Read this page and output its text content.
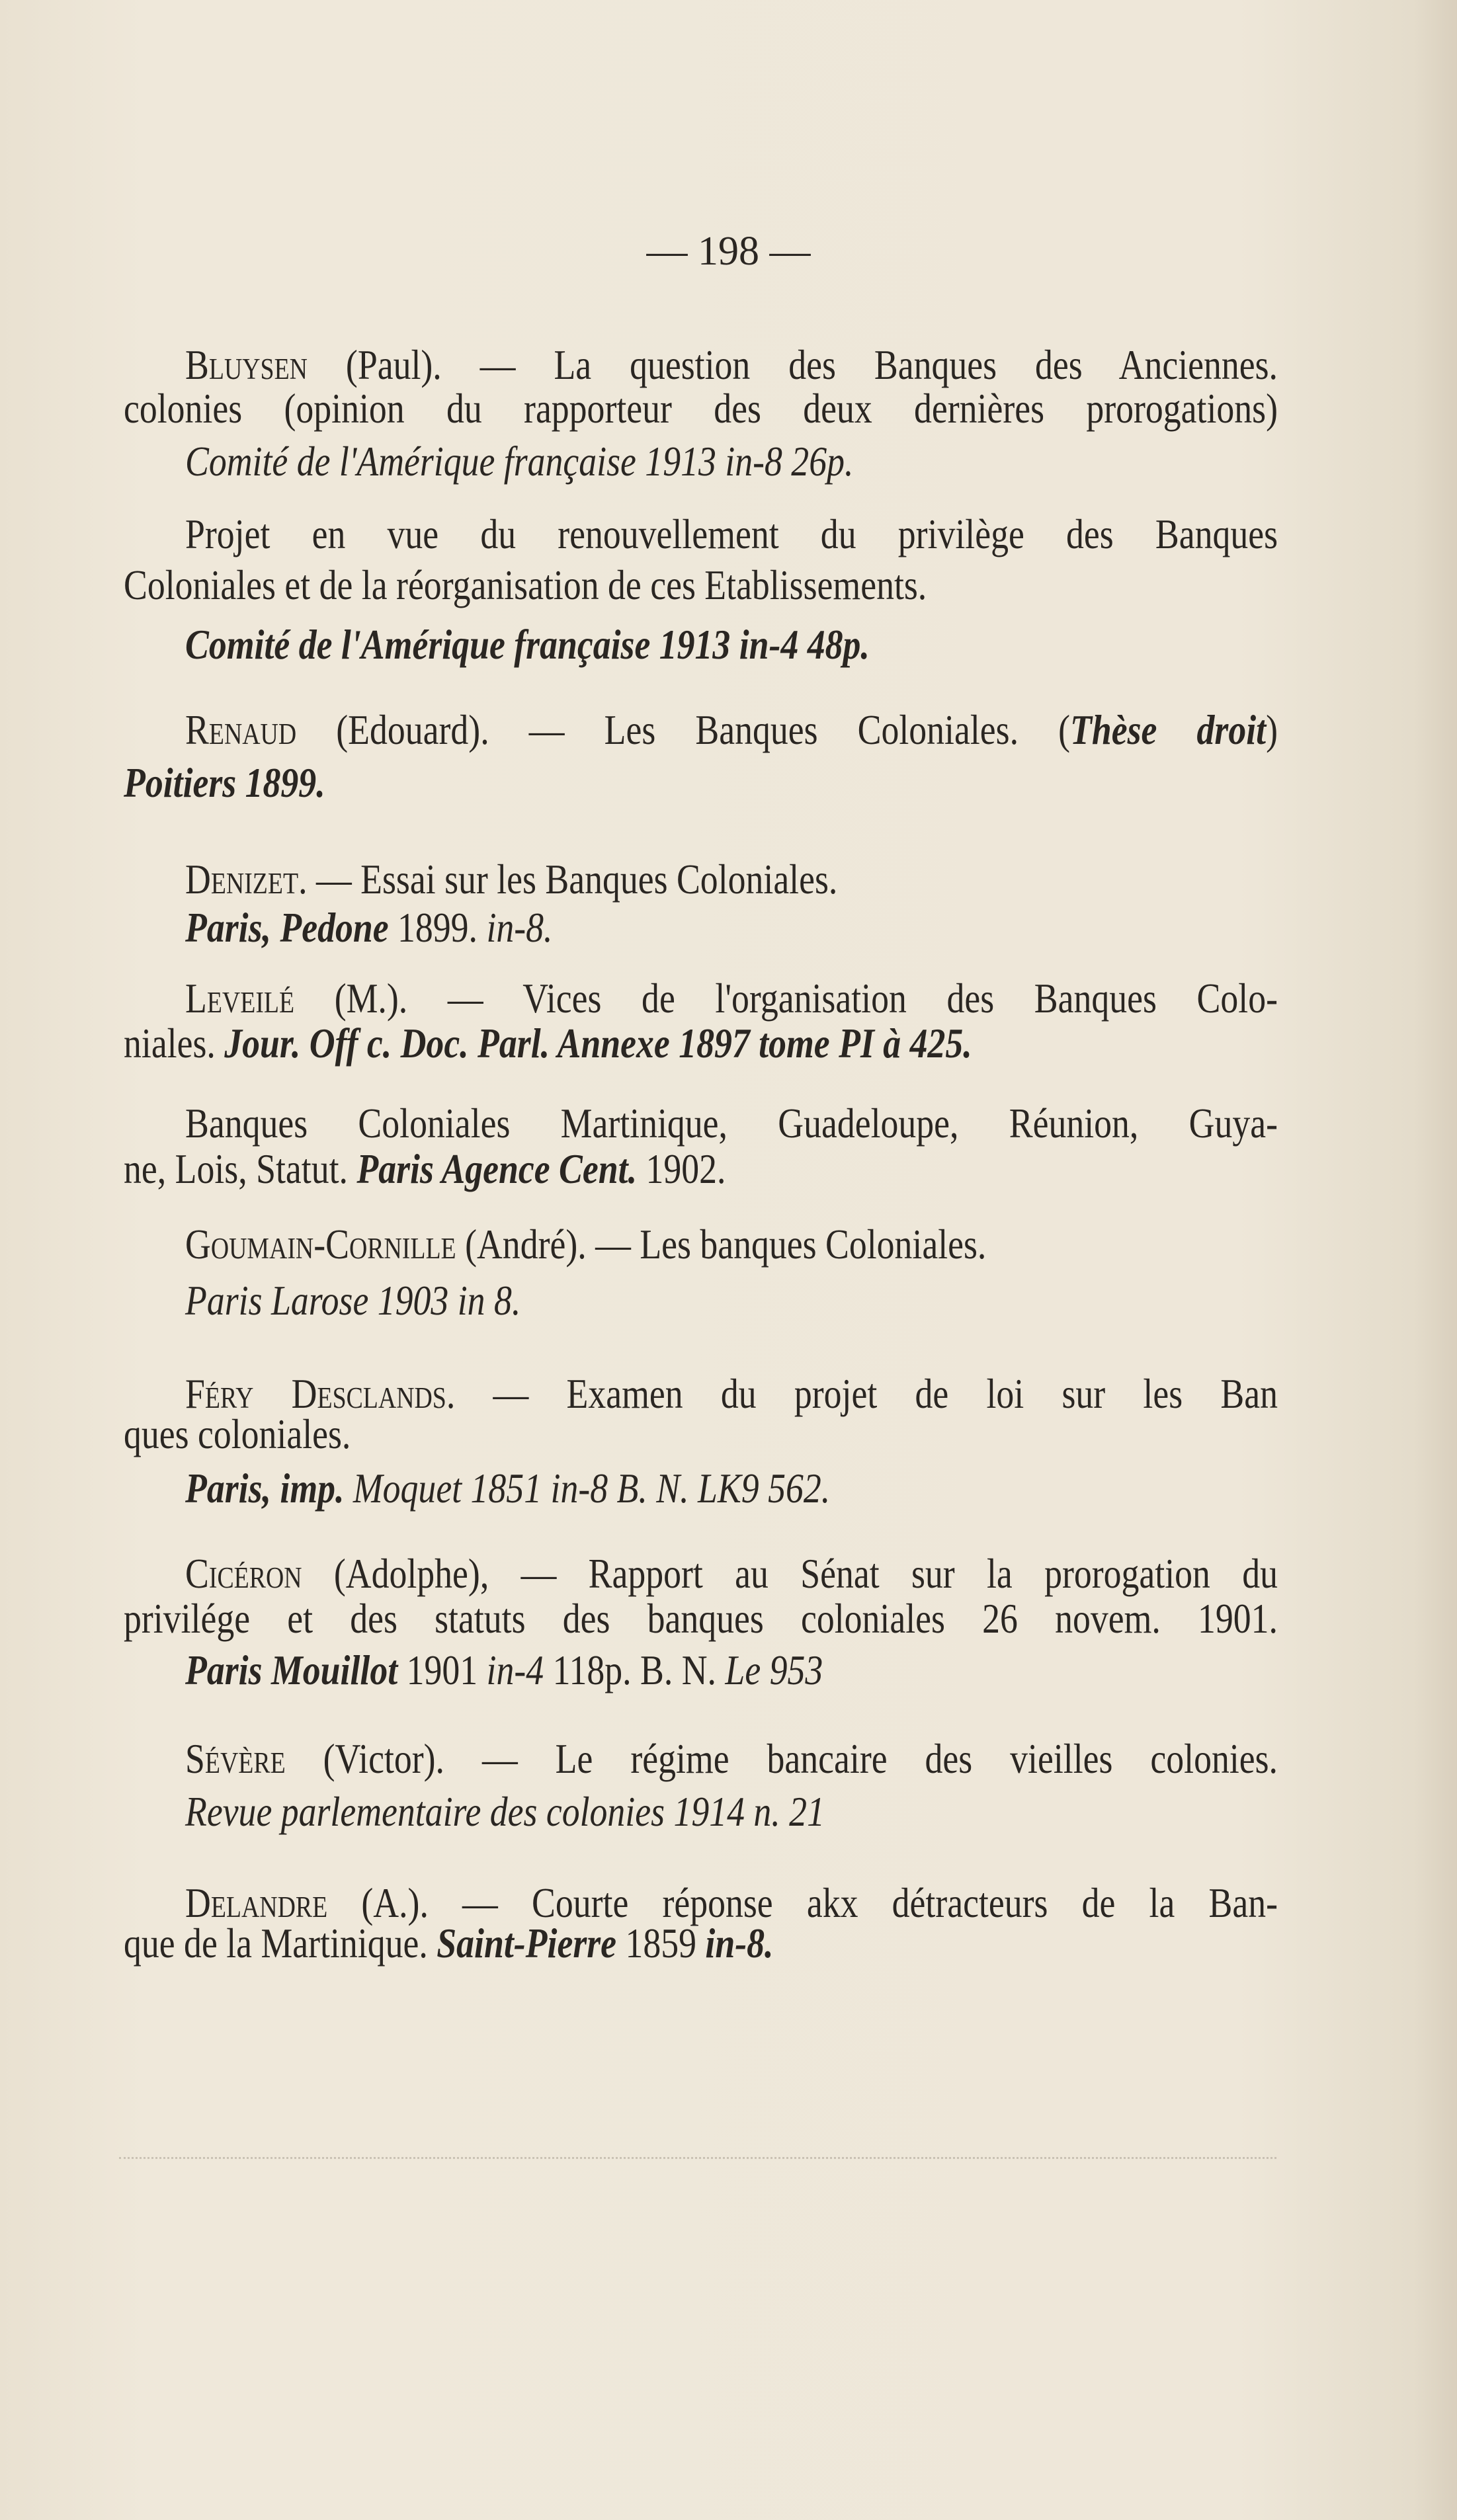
— 198 —
Bluysen (Paul). — La question des Banques des Anciennes.
colonies (opinion du rapporteur des deux dernières prorogations)
Comité de l'Amérique française 1913 in-8 26p.
Projet en vue du renouvellement du privilège des Banques
Coloniales et de la réorganisation de ces Etablissements.
Comité de l'Amérique française 1913 in-4 48p.
Renaud (Edouard). — Les Banques Coloniales. (Thèse droit)
Poitiers 1899.
Denizet. — Essai sur les Banques Coloniales.
Paris, Pedone 1899. in-8.
Leveilé (M.). — Vices de l'organisation des Banques Colo-
niales. Jour. Off c. Doc. Parl. Annexe 1897 tome PI à 425.
Banques Coloniales Martinique, Guadeloupe, Réunion, Guya-
ne, Lois, Statut. Paris Agence Cent. 1902.
Goumain-Cornille (André). — Les banques Coloniales.
Paris Larose 1903 in 8.
Féry Desclands. — Examen du projet de loi sur les Ban
ques coloniales.
Paris, imp. Moquet 1851 in-8 B. N. LK9 562.
Cicéron (Adolphe), — Rapport au Sénat sur la prorogation du
privilége et des statuts des banques coloniales 26 novem. 1901.
Paris Mouillot 1901 in-4 118p. B. N. Le 953
Sévère (Victor). — Le régime bancaire des vieilles colonies.
Revue parlementaire des colonies 1914 n. 21
Delandre (A.). — Courte réponse akx détracteurs de la Ban-
que de la Martinique. Saint-Pierre 1859 in-8.
